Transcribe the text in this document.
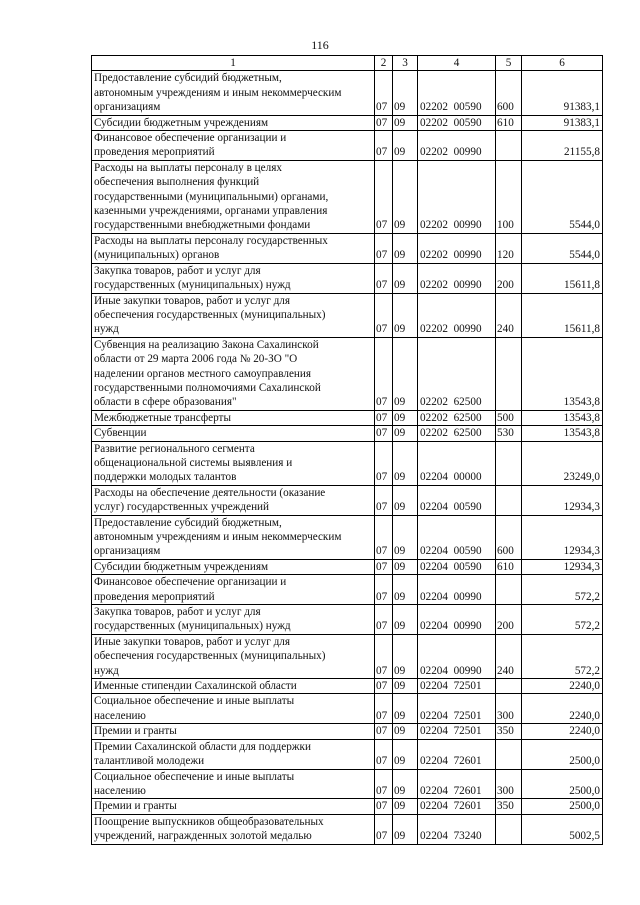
116
1	2	3	4	5	6
Предоставление субсидий бюджетным,
автономным учреждениям и иным некоммерческим
организациям	07	09	02202  00590	600	91383,1
Субсидии бюджетным учреждениям	07	09	02202  00590	610	91383,1
Финансовое обеспечение организации и
проведения мероприятий	07	09	02202  00990		21155,8
Расходы на выплаты персоналу в целях
обеспечения выполнения функций
государственными (муниципальными) органами,
казенными учреждениями, органами управления
государственными внебюджетными фондами	07	09	02202  00990	100	5544,0
Расходы на выплаты персоналу государственных
(муниципальных) органов	07	09	02202  00990	120	5544,0
Закупка товаров, работ и услуг для
государственных (муниципальных) нужд	07	09	02202  00990	200	15611,8
Иные закупки товаров, работ и услуг для
обеспечения государственных (муниципальных)
нужд	07	09	02202  00990	240	15611,8
Субвенция на реализацию Закона Сахалинской
области от 29 марта 2006 года № 20-ЗО "О
наделении органов местного самоуправления
государственными полномочиями Сахалинской
области в сфере образования"	07	09	02202  62500		13543,8
Межбюджетные трансферты	07	09	02202  62500	500	13543,8
Субвенции	07	09	02202  62500	530	13543,8
Развитие регионального сегмента
общенациональной системы выявления и
поддержки молодых талантов	07	09	02204  00000		23249,0
Расходы на обеспечение деятельности (оказание
услуг) государственных учреждений	07	09	02204  00590		12934,3
Предоставление субсидий бюджетным,
автономным учреждениям и иным некоммерческим
организациям	07	09	02204  00590	600	12934,3
Субсидии бюджетным учреждениям	07	09	02204  00590	610	12934,3
Финансовое обеспечение организации и
проведения мероприятий	07	09	02204  00990		572,2
Закупка товаров, работ и услуг для
государственных (муниципальных) нужд	07	09	02204  00990	200	572,2
Иные закупки товаров, работ и услуг для
обеспечения государственных (муниципальных)
нужд	07	09	02204  00990	240	572,2
Именные стипендии Сахалинской области	07	09	02204  72501		2240,0
Социальное обеспечение и иные выплаты
населению	07	09	02204  72501	300	2240,0
Премии и гранты	07	09	02204  72501	350	2240,0
Премии Сахалинской области для поддержки
талантливой молодежи	07	09	02204  72601		2500,0
Социальное обеспечение и иные выплаты
населению	07	09	02204  72601	300	2500,0
Премии и гранты	07	09	02204  72601	350	2500,0
Поощрение выпускников общеобразовательных
учреждений, награжденных золотой медалью	07	09	02204  73240		5002,5
